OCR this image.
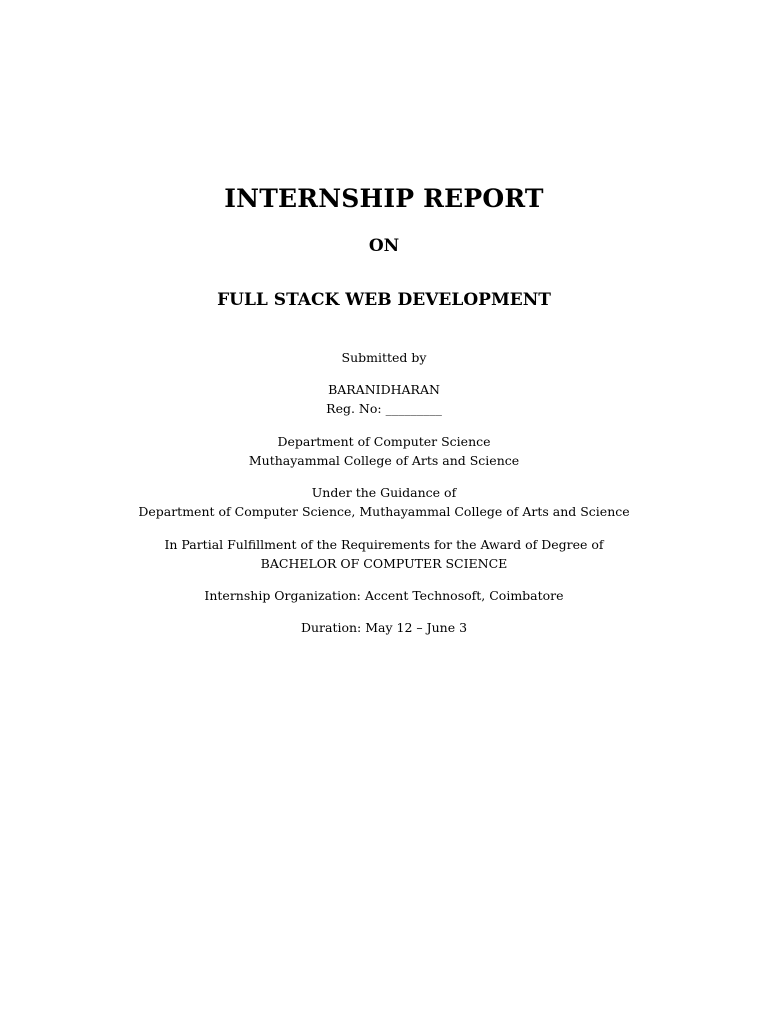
INTERNSHIP REPORT
ON
FULL STACK WEB DEVELOPMENT
Submitted by
BARANIDHARAN
Reg. No: _________
Department of Computer Science
Muthayammal College of Arts and Science
Under the Guidance of
Department of Computer Science, Muthayammal College of Arts and Science
In Partial Fulfillment of the Requirements for the Award of Degree of
BACHELOR OF COMPUTER SCIENCE
Internship Organization: Accent Technosoft, Coimbatore
Duration: May 12 – June 3
